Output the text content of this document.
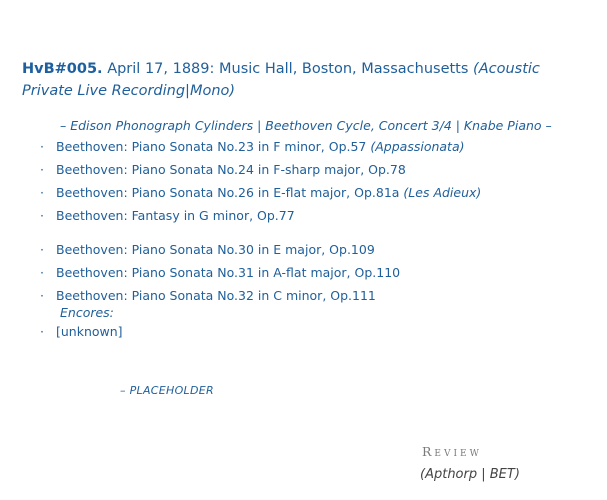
HvB#005. April 17, 1889: Music Hall, Boston, Massachusetts (Acoustic Private Live Recording|Mono)
– Edison Phonograph Cylinders | Beethoven Cycle, Concert 3/4 | Knabe Piano –
· Beethoven: Piano Sonata No.23 in F minor, Op.57 (Appassionata)
· Beethoven: Piano Sonata No.24 in F-sharp major, Op.78
· Beethoven: Piano Sonata No.26 in E-flat major, Op.81a (Les Adieux)
· Beethoven: Fantasy in G minor, Op.77
· Beethoven: Piano Sonata No.30 in E major, Op.109
· Beethoven: Piano Sonata No.31 in A-flat major, Op.110
· Beethoven: Piano Sonata No.32 in C minor, Op.111
Encores:
· [unknown]
– PLACEHOLDER
Review
(Apthorp | BET)
